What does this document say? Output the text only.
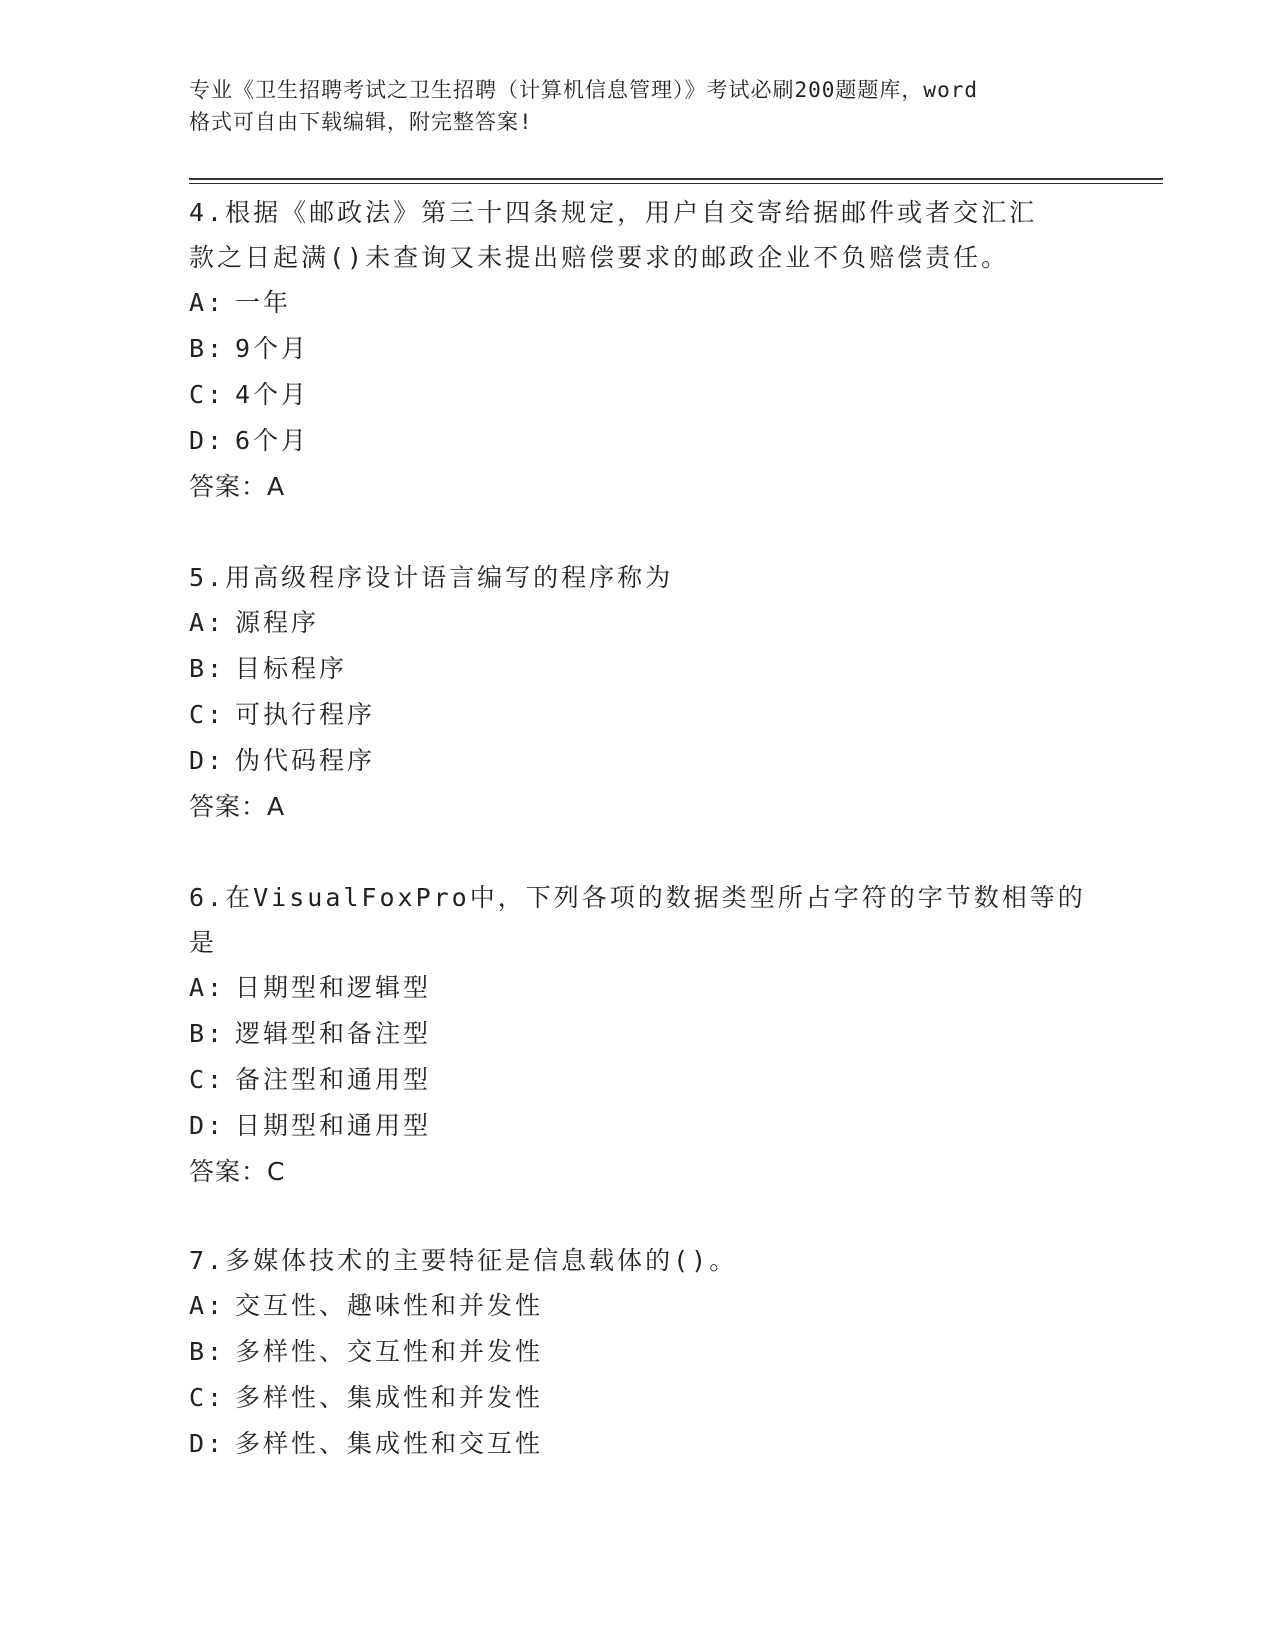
专业《卫生招聘考试之卫生招聘（计算机信息管理）》考试必刷200题题库，word
格式可自由下载编辑，附完整答案!
4.根据《邮政法》第三十四条规定，用户自交寄给据邮件或者交汇汇
款之日起满()未查询又未提出赔偿要求的邮政企业不负赔偿责任。
A: 一年
B: 9个月
C: 4个月
D: 6个月
答案：A
5.用高级程序设计语言编写的程序称为
A: 源程序
B: 目标程序
C: 可执行程序
D: 伪代码程序
答案：A
6.在VisualFoxPro中，下列各项的数据类型所占字符的字节数相等的
是
A: 日期型和逻辑型
B: 逻辑型和备注型
C: 备注型和通用型
D: 日期型和通用型
答案：C
7.多媒体技术的主要特征是信息载体的()。
A: 交互性、趣味性和并发性
B: 多样性、交互性和并发性
C: 多样性、集成性和并发性
D: 多样性、集成性和交互性
